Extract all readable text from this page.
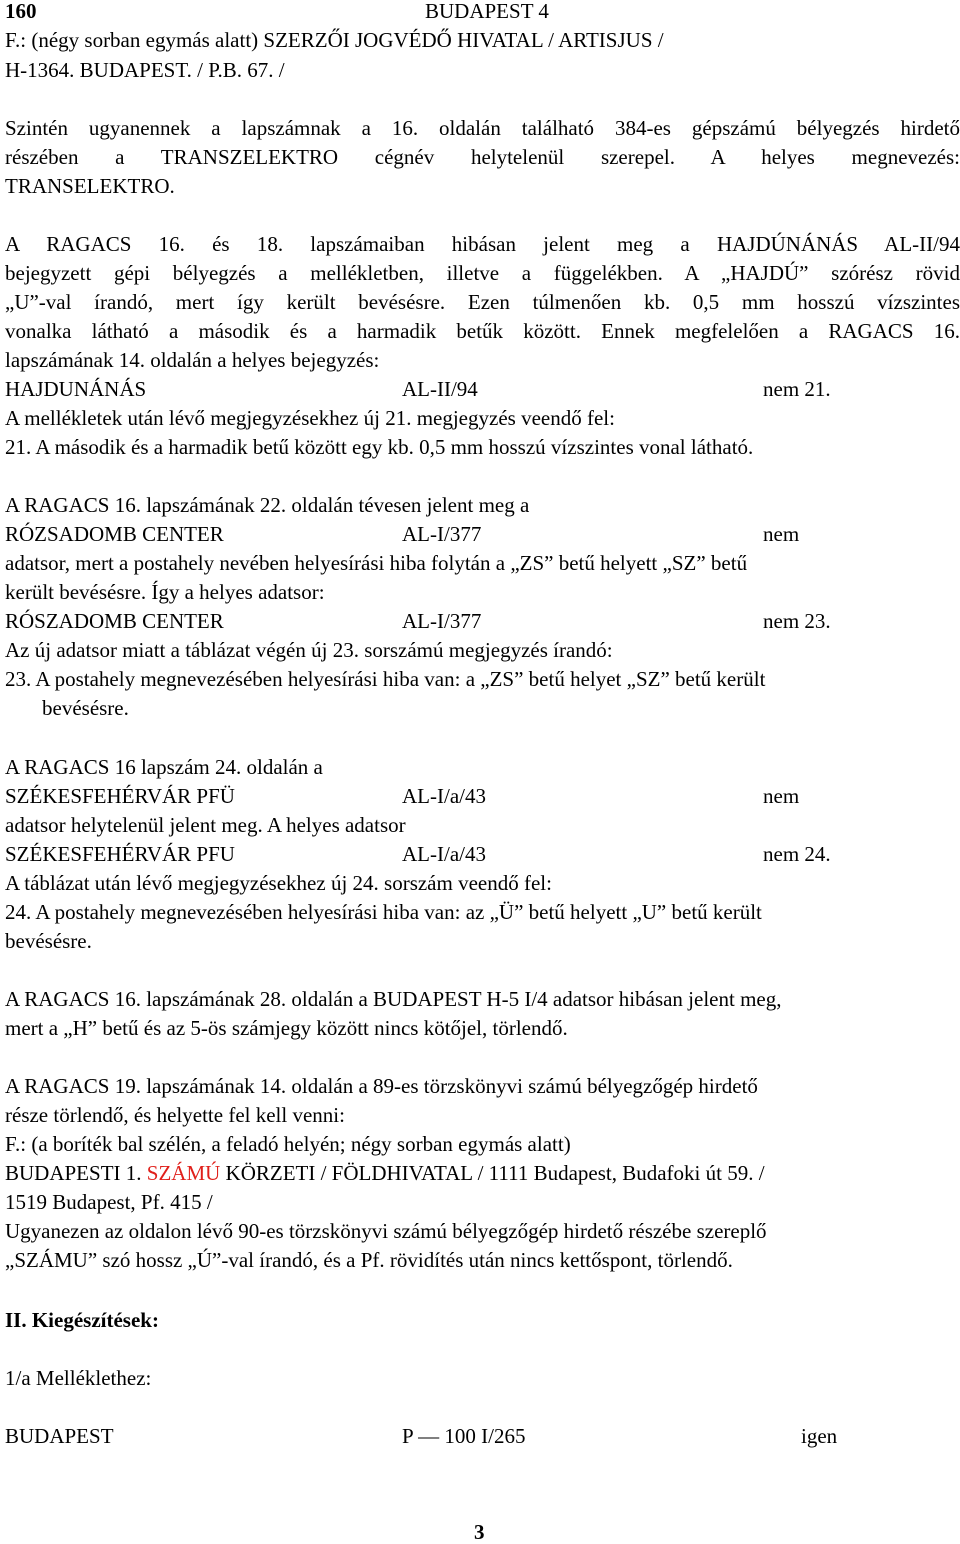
160	BUDAPEST 4
F.: (négy sorban egymás alatt) SZERZŐI JOGVÉDŐ HIVATAL / ARTISJUS /
H-1364. BUDAPEST. / P.B. 67. /
Szintén ugyanennek a lapszámnak a 16. oldalán található 384-es gépszámú bélyegzés hirdető
részében a TRANSZELEKTRO cégnév helytelenül szerepel. A helyes megnevezés:
TRANSELEKTRO.
A RAGACS 16. és 18. lapszámaiban hibásan jelent meg a HAJDÚNÁNÁS AL-II/94
bejegyzett gépi bélyegzés a mellékletben, illetve a függelékben. A „HAJDÚ” szórész rövid
„U”-val írandó, mert így került bevésésre. Ezen túlmenően kb. 0,5 mm hosszú vízszintes
vonalka látható a második és a harmadik betűk között. Ennek megfelelően a RAGACS 16.
lapszámának 14. oldalán a helyes bejegyzés:
HAJDUNÁNÁS	AL-II/94	nem 21.
A mellékletek után lévő megjegyzésekhez új 21. megjegyzés veendő fel:
21. A második és a harmadik betű között egy kb. 0,5 mm hosszú vízszintes vonal látható.
A RAGACS 16. lapszámának 22. oldalán tévesen jelent meg a
RÓZSADOMB CENTER	AL-I/377	nem
adatsor, mert a postahely nevében helyesírási hiba folytán a „ZS” betű helyett „SZ” betű
került bevésésre. Így a helyes adatsor:
RÓSZADOMB CENTER	AL-I/377	nem 23.
Az új adatsor miatt a táblázat végén új 23. sorszámú megjegyzés írandó:
23. A postahely megnevezésében helyesírási hiba van: a „ZS” betű helyet „SZ” betű került
bevésésre.
A RAGACS 16 lapszám 24. oldalán a
SZÉKESFEHÉRVÁR PFÜ	AL-I/a/43	nem
adatsor helytelenül jelent meg. A helyes adatsor
SZÉKESFEHÉRVÁR PFU	AL-I/a/43	nem 24.
A táblázat után lévő megjegyzésekhez új 24. sorszám veendő fel:
24. A postahely megnevezésében helyesírási hiba van: az „Ü” betű helyett „U” betű került
bevésésre.
A RAGACS 16. lapszámának 28. oldalán a BUDAPEST H-5 I/4 adatsor hibásan jelent meg,
mert a „H” betű és az 5-ös számjegy között nincs kötőjel, törlendő.
A RAGACS 19. lapszámának 14. oldalán a 89-es törzskönyvi számú bélyegzőgép hirdető
része törlendő, és helyette fel kell venni:
F.: (a boríték bal szélén, a feladó helyén; négy sorban egymás alatt)
BUDAPESTI 1. SZÁMÚ KÖRZETI / FÖLDHIVATAL / 1111 Budapest, Budafoki út 59. /
1519 Budapest, Pf. 415 /
Ugyanezen az oldalon lévő 90-es törzskönyvi számú bélyegzőgép hirdető részébe szereplő
„SZÁMU” szó hossz „Ú”-val írandó, és a Pf. rövidítés után nincs kettőspont, törlendő.
II. Kiegészítések:
1/a Melléklethez:
BUDAPEST	P — 100 I/265	igen
3
